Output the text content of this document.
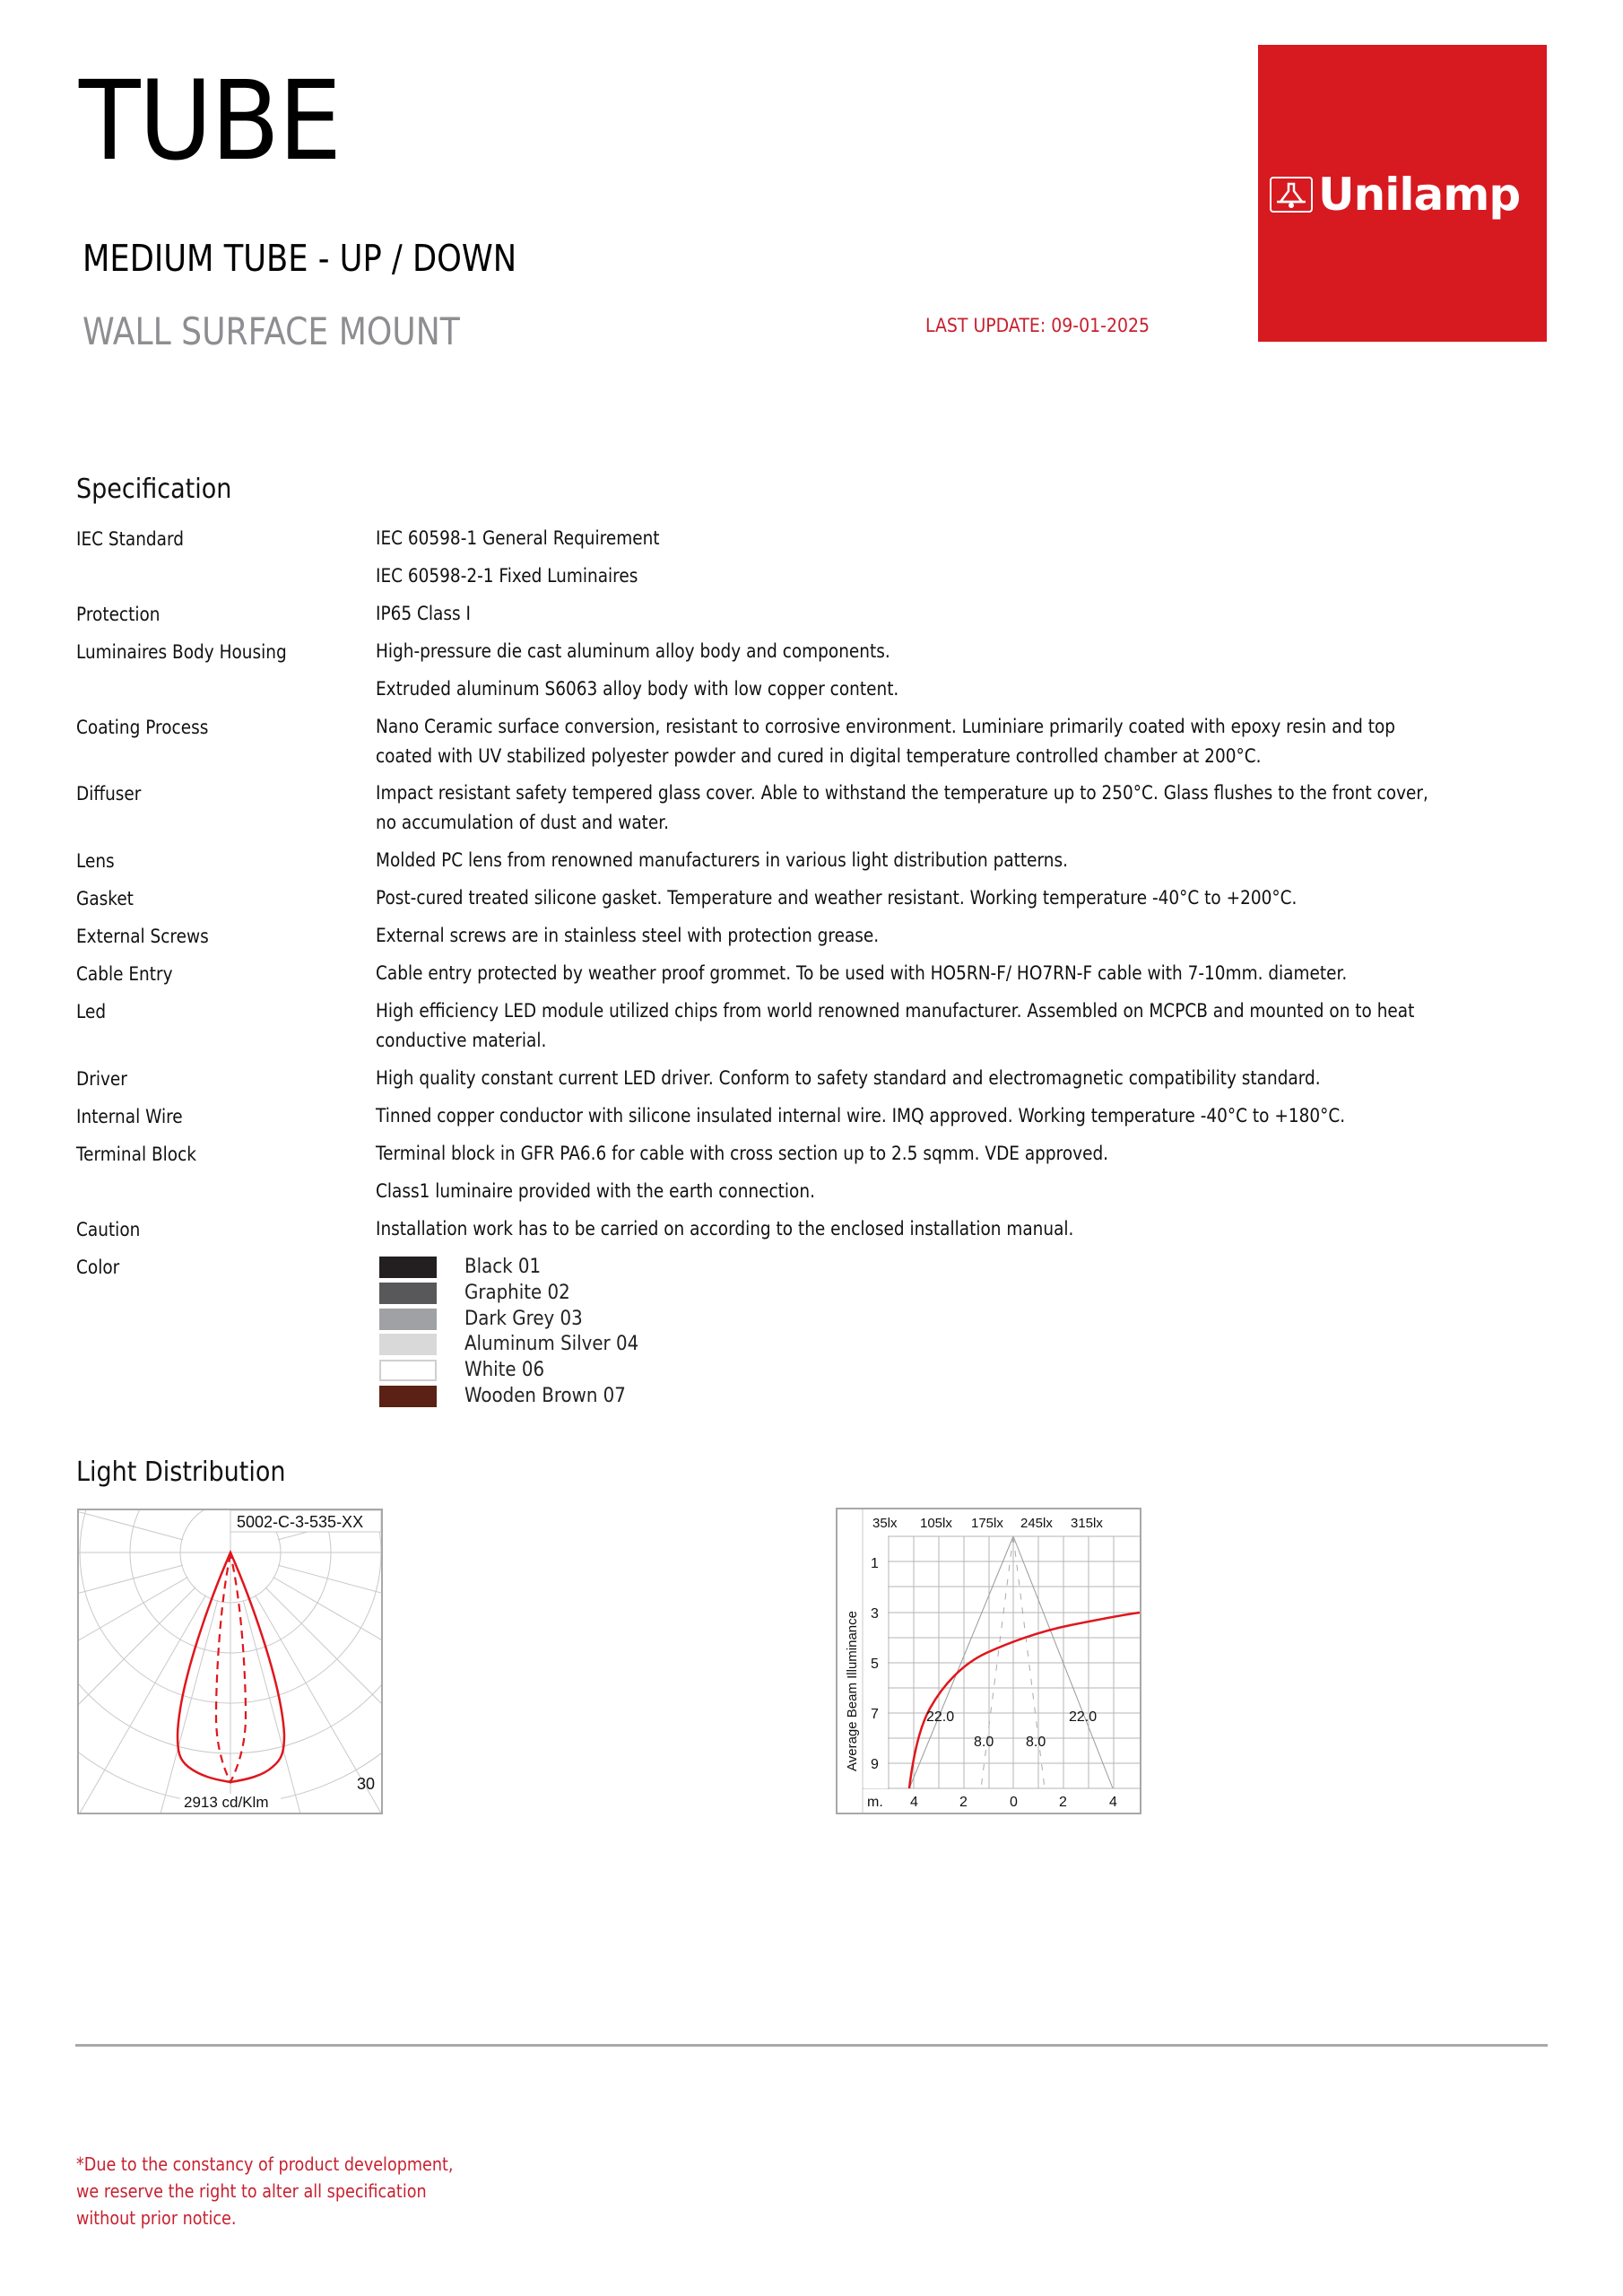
TUBE
MEDIUM TUBE - UP / DOWN
WALL SURFACE MOUNT	LAST UPDATE: 09-01-2025
Unilamp
Specification
IEC Standard	IEC 60598-1 General Requirement
IEC 60598-2-1 Fixed Luminaires
Protection	IP65 Class I
Luminaires Body Housing	High-pressure die cast aluminum alloy body and components.
Extruded aluminum S6063 alloy body with low copper content.
Coating Process	Nano Ceramic surface conversion, resistant to corrosive environment. Luminiare primarily coated with epoxy resin and top coated with UV stabilized polyester powder and cured in digital temperature controlled chamber at 200°C.
Diffuser	Impact resistant safety tempered glass cover. Able to withstand the temperature up to 250°C. Glass flushes to the front cover, no accumulation of dust and water.
Lens	Molded PC lens from renowned manufacturers in various light distribution patterns.
Gasket	Post-cured treated silicone gasket. Temperature and weather resistant. Working temperature -40°C to +200°C.
External Screws	External screws are in stainless steel with protection grease.
Cable Entry	Cable entry protected by weather proof grommet. To be used with HO5RN-F/ HO7RN-F cable with 7-10mm. diameter.
Led	High efficiency LED module utilized chips from world renowned manufacturer. Assembled on MCPCB and mounted on to heat conductive material.
Driver	High quality constant current LED driver. Conform to safety standard and electromagnetic compatibility standard.
Internal Wire	Tinned copper conductor with silicone insulated internal wire. IMQ approved. Working temperature -40°C to +180°C.
Terminal Block	Terminal block in GFR PA6.6 for cable with cross section up to 2.5 sqmm. VDE approved.
Class1 luminaire provided with the earth connection.
Caution	Installation work has to be carried on according to the enclosed installation manual.
Color	Black 01
Graphite 02
Dark Grey 03
Aluminum Silver 04
White 06
Wooden Brown 07
Light Distribution
5002-C-3-535-XX
2913 cd/Klm
30
35lx 105lx 175lx 245lx 315lx
1
3
5
7
9
m. 4	2	0	2	4
22.0	22.0
8.0 8.0
Average Beam Illuminance
*Due to the constancy of product development,
we reserve the right to alter all specification
without prior notice.
